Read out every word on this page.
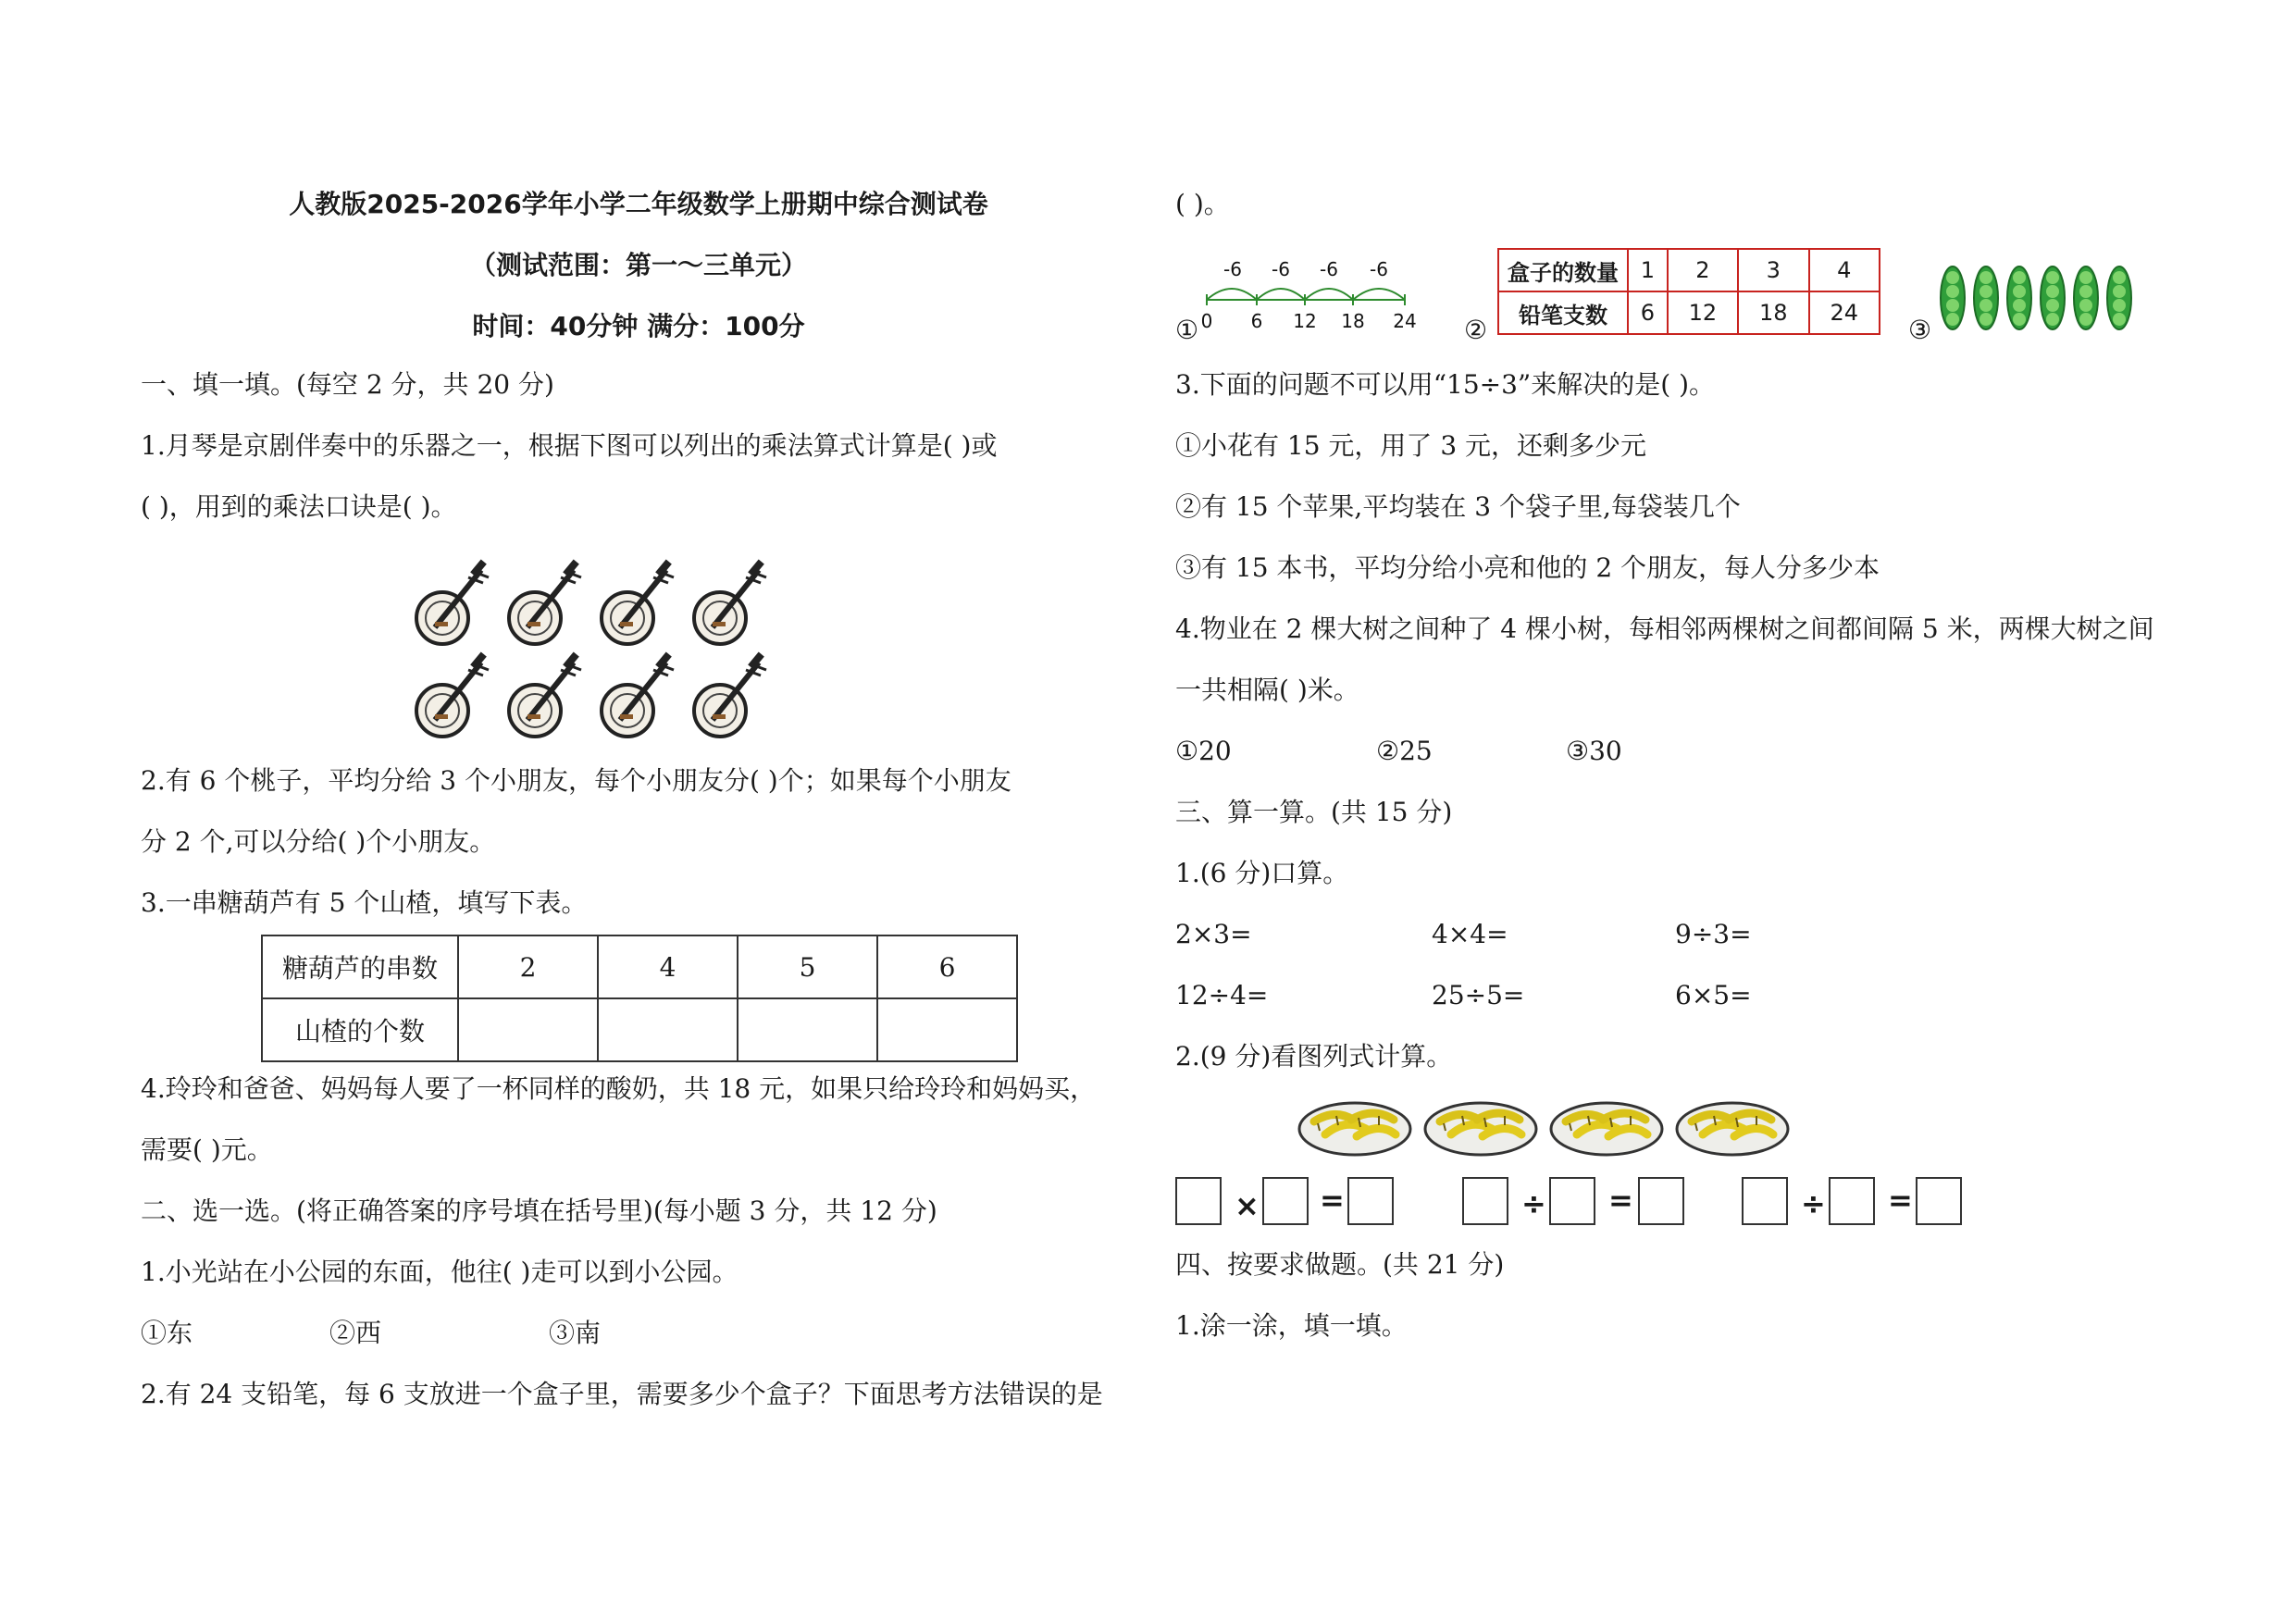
人教版2025-2026学年小学二年级数学上册期中综合测试卷
（测试范围：第一～三单元）
时间：40分钟 满分：100分
一、填一填。(每空 2 分，共 20 分)
1.月琴是京剧伴奏中的乐器之一，根据下图可以列出的乘法算式计算是( )或
( )，用到的乘法口诀是( )。
2.有 6 个桃子，平均分给 3 个小朋友，每个小朋友分( )个；如果每个小朋友
分 2 个,可以分给( )个小朋友。
3.一串糖葫芦有 5 个山楂，填写下表。
糖葫芦的串数	2	4	5	6
山楂的个数				
4.玲玲和爸爸、妈妈每人要了一杯同样的酸奶，共 18 元，如果只给玲玲和妈妈买，
需要( )元。
二、选一选。(将正确答案的序号填在括号里)(每小题 3 分，共 12 分)
1.小光站在小公园的东面，他往( )走可以到小公园。
①东	②西	③南
2.有 24 支铅笔，每 6 支放进一个盒子里，需要多少个盒子？下面思考方法错误的是
( )。
①
-6 -6 -6 -6
0 6 12 18 24 ②
盒子的数量	1	2	3	4
铅笔支数	6	12	18	24
③
3.下面的问题不可以用“15÷3”来解决的是( )。
①小花有 15 元，用了 3 元，还剩多少元
②有 15 个苹果,平均装在 3 个袋子里,每袋装几个
③有 15 本书，平均分给小亮和他的 2 个朋友，每人分多少本
4.物业在 2 棵大树之间种了 4 棵小树，每相邻两棵树之间都间隔 5 米，两棵大树之间
一共相隔( )米。
①20	②25	③30
三、算一算。(共 15 分)
1.(6 分)口算。
2×3=	4×4=	9÷3=
12÷4=	25÷5=	6×5=
2.(9 分)看图列式计算。
× =	÷ =	÷ =
四、按要求做题。(共 21 分)
1.涂一涂，填一填。
